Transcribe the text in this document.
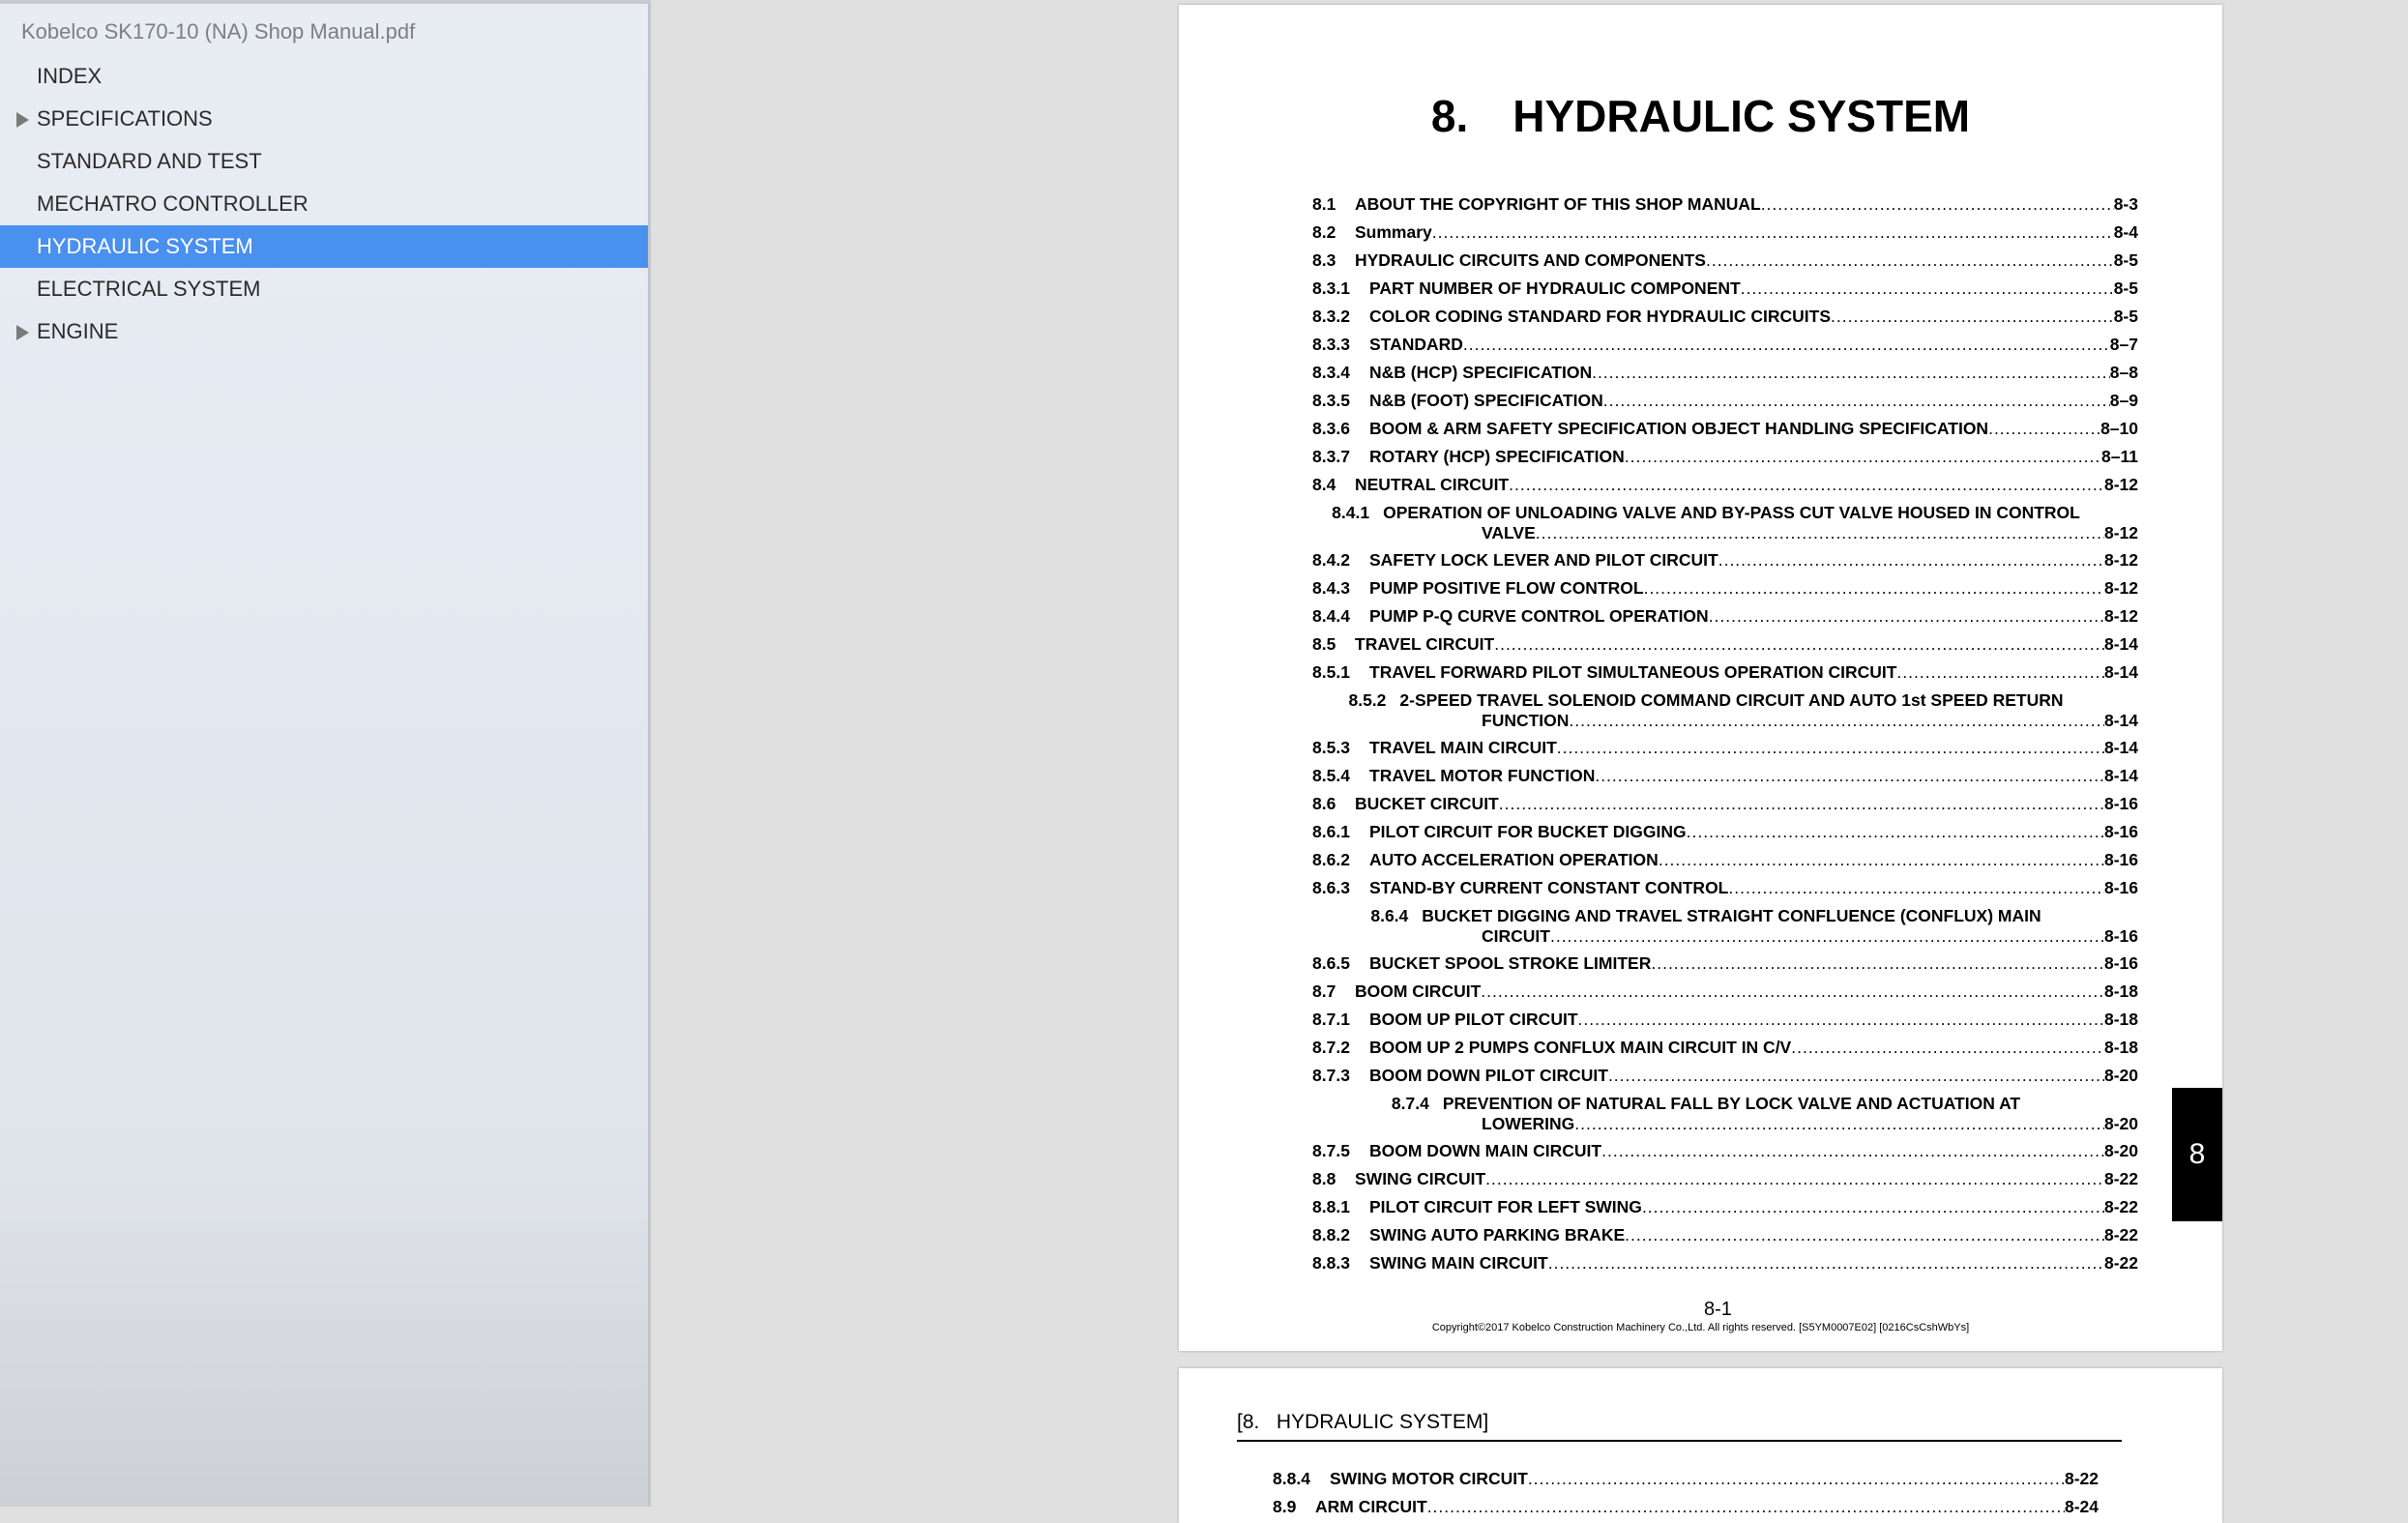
Kobelco SK170-10 (NA) Shop Manual.pdf
INDEX
SPECIFICATIONS
STANDARD AND TEST
MECHATRO CONTROLLER
HYDRAULIC SYSTEM
ELECTRICAL SYSTEM
ENGINE
8. HYDRAULIC SYSTEM
8.1	ABOUT THE COPYRIGHT OF THIS SHOP MANUAL .....	8-3
8.2	Summary .....	8-4
8.3	HYDRAULIC CIRCUITS AND COMPONENTS .....	8-5
8.3.1	PART NUMBER OF HYDRAULIC COMPONENT .....	8-5
8.3.2	COLOR CODING STANDARD FOR HYDRAULIC CIRCUITS .....	8-5
8.3.3	STANDARD .....	8–7
8.3.4	N&B (HCP) SPECIFICATION .....	8–8
8.3.5	N&B (FOOT) SPECIFICATION .....	8–9
8.3.6	BOOM & ARM SAFETY SPECIFICATION OBJECT HANDLING SPECIFICATION .....	8–10
8.3.7	ROTARY (HCP) SPECIFICATION .....	8–11
8.4	NEUTRAL CIRCUIT .....	8-12
8.4.1 OPERATION OF UNLOADING VALVE AND BY-PASS CUT VALVE HOUSED IN CONTROL
VALVE .....	8-12
8.4.2	SAFETY LOCK LEVER AND PILOT CIRCUIT .....	8-12
8.4.3	PUMP POSITIVE FLOW CONTROL .....	8-12
8.4.4	PUMP P-Q CURVE CONTROL OPERATION .....	8-12
8.5	TRAVEL CIRCUIT .....	8-14
8.5.1	TRAVEL FORWARD PILOT SIMULTANEOUS OPERATION CIRCUIT .....	8-14
8.5.2 2-SPEED TRAVEL SOLENOID COMMAND CIRCUIT AND AUTO 1st SPEED RETURN
FUNCTION .....	8-14
8.5.3	TRAVEL MAIN CIRCUIT .....	8-14
8.5.4	TRAVEL MOTOR FUNCTION .....	8-14
8.6	BUCKET CIRCUIT .....	8-16
8.6.1	PILOT CIRCUIT FOR BUCKET DIGGING .....	8-16
8.6.2	AUTO ACCELERATION OPERATION .....	8-16
8.6.3	STAND-BY CURRENT CONSTANT CONTROL .....	8-16
8.6.4 BUCKET DIGGING AND TRAVEL STRAIGHT CONFLUENCE (CONFLUX) MAIN
CIRCUIT .....	8-16
8.6.5	BUCKET SPOOL STROKE LIMITER .....	8-16
8.7	BOOM CIRCUIT .....	8-18
8.7.1	BOOM UP PILOT CIRCUIT .....	8-18
8.7.2	BOOM UP 2 PUMPS CONFLUX MAIN CIRCUIT IN C/V .....	8-18
8.7.3	BOOM DOWN PILOT CIRCUIT .....	8-20
8.7.4 PREVENTION OF NATURAL FALL BY LOCK VALVE AND ACTUATION AT
LOWERING .....	8-20
8.7.5	BOOM DOWN MAIN CIRCUIT .....	8-20
8.8	SWING CIRCUIT .....	8-22
8.8.1	PILOT CIRCUIT FOR LEFT SWING .....	8-22
8.8.2	SWING AUTO PARKING BRAKE .....	8-22
8.8.3	SWING MAIN CIRCUIT .....	8-22
8-1
Copyright©2017 Kobelco Construction Machinery Co.,Ltd. All rights reserved. [S5YM0007E02] [0216CsCshWbYs]
8
[8.   HYDRAULIC SYSTEM]
8.8.4	SWING MOTOR CIRCUIT .....	8-22
8.9	ARM CIRCUIT .....	8-24
